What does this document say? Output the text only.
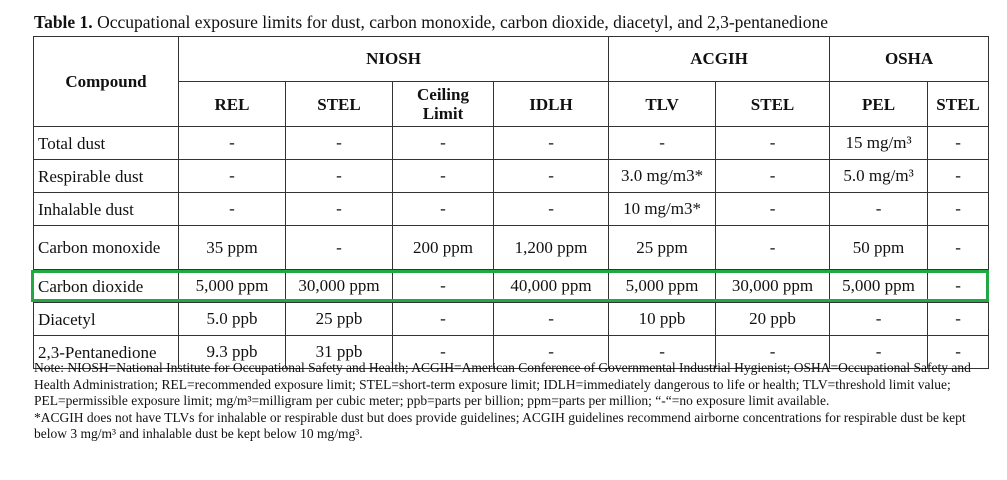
Table 1. Occupational exposure limits for dust, carbon monoxide, carbon dioxide, diacetyl, and 2,3-pentanedione
Compound	NIOSH				ACGIH		OSHA	
	REL	STEL	Ceiling Limit	IDLH	TLV	STEL	PEL	STEL
Total dust	-	-	-	-	-	-	15 mg/m³	-
Respirable dust	-	-	-	-	3.0 mg/m3*	-	5.0 mg/m³	-
Inhalable dust	-	-	-	-	10 mg/m3*	-	-	-
Carbon monoxide	35 ppm	-	200 ppm	1,200 ppm	25 ppm	-	50 ppm	-
Carbon dioxide	5,000 ppm	30,000 ppm	-	40,000 ppm	5,000 ppm	30,000 ppm	5,000 ppm	-
Diacetyl	5.0 ppb	25 ppb	-	-	10 ppb	20 ppb	-	-
2,3-Pentanedione	9.3 ppb	31 ppb	-	-	-	-	-	-

Note: NIOSH=National Institute for Occupational Safety and Health; ACGIH=American Conference of Governmental Industrial Hygienist; OSHA=Occupational Safety and Health Administration; REL=recommended exposure limit; STEL=short-term exposure limit; IDLH=immediately dangerous to life or health; TLV=threshold limit value; PEL=permissible exposure limit; mg/m³=milligram per cubic meter; ppb=parts per billion; ppm=parts per million; “-“=no exposure limit available.

*ACGIH does not have TLVs for inhalable or respirable dust but does provide guidelines; ACGIH guidelines recommend airborne concentrations for respirable dust be kept below 3 mg/m³ and inhalable dust be kept below 10 mg/mg³.
